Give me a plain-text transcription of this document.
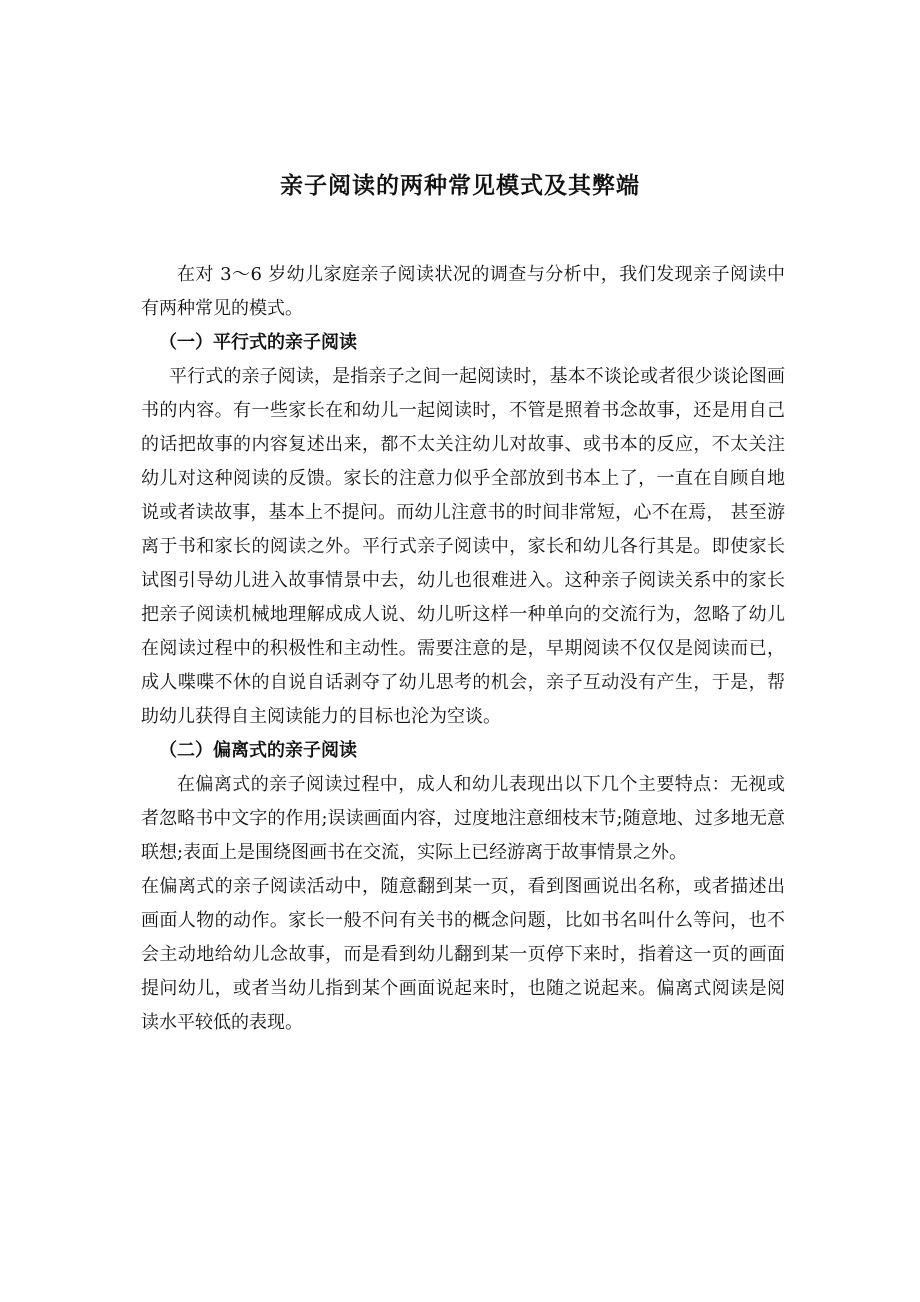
亲子阅读的两种常见模式及其弊端

在对 3～6 岁幼儿家庭亲子阅读状况的调查与分析中，我们发现亲子阅读中有两种常见的模式。

（一）平行式的亲子阅读

平行式的亲子阅读，是指亲子之间一起阅读时，基本不谈论或者很少谈论图画书的内容。有一些家长在和幼儿一起阅读时，不管是照着书念故事，还是用自己的话把故事的内容复述出来，都不太关注幼儿对故事、或书本的反应，不太关注幼儿对这种阅读的反馈。家长的注意力似乎全部放到书本上了，一直在自顾自地说或者读故事，基本上不提问。而幼儿注意书的时间非常短，心不在焉， 甚至游离于书和家长的阅读之外。平行式亲子阅读中，家长和幼儿各行其是。即使家长试图引导幼儿进入故事情景中去，幼儿也很难进入。这种亲子阅读关系中的家长把亲子阅读机械地理解成成人说、幼儿听这样一种单向的交流行为，忽略了幼儿在阅读过程中的积极性和主动性。需要注意的是，早期阅读不仅仅是阅读而已，成人喋喋不休的自说自话剥夺了幼儿思考的机会，亲子互动没有产生，于是，帮助幼儿获得自主阅读能力的目标也沦为空谈。

（二）偏离式的亲子阅读

在偏离式的亲子阅读过程中，成人和幼儿表现出以下几个主要特点：无视或者忽略书中文字的作用;误读画面内容，过度地注意细枝末节;随意地、过多地无意联想;表面上是围绕图画书在交流，实际上已经游离于故事情景之外。

在偏离式的亲子阅读活动中，随意翻到某一页，看到图画说出名称，或者描述出画面人物的动作。家长一般不问有关书的概念问题，比如书名叫什么等问，也不会主动地给幼儿念故事，而是看到幼儿翻到某一页停下来时，指着这一页的画面提问幼儿，或者当幼儿指到某个画面说起来时，也随之说起来。偏离式阅读是阅读水平较低的表现。
